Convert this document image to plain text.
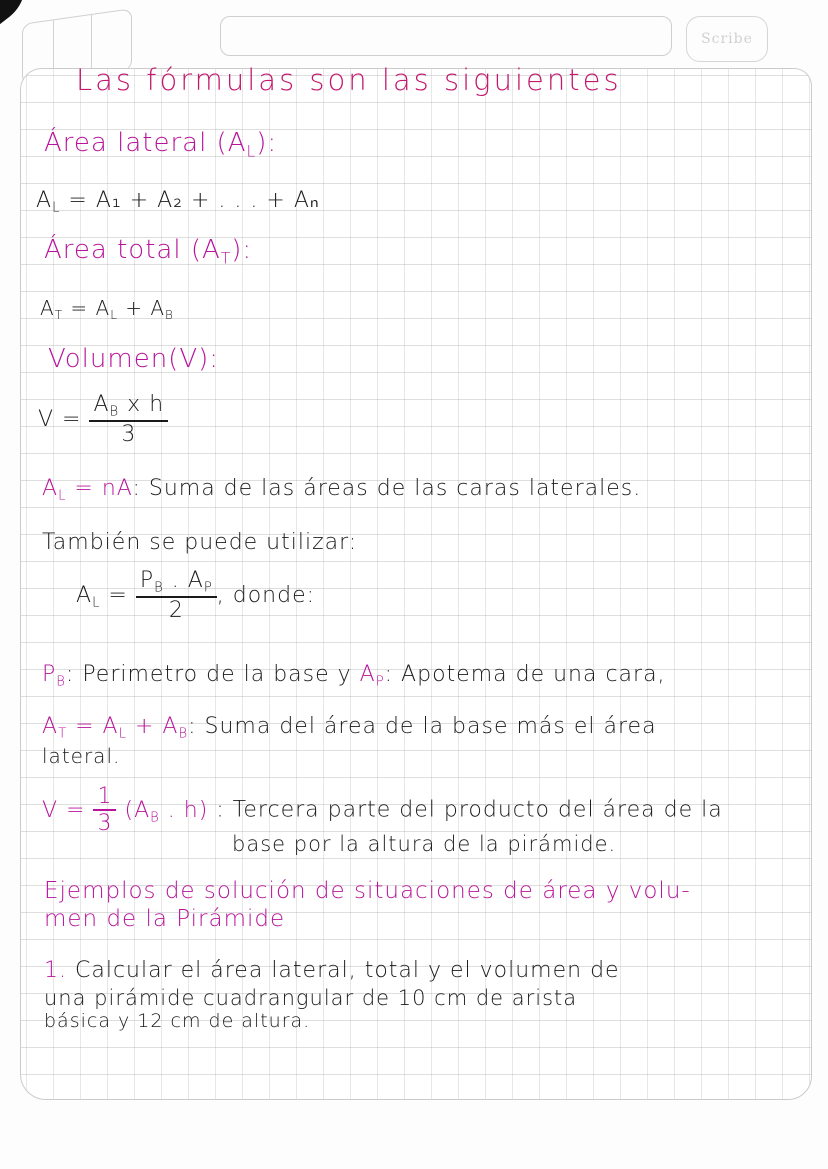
Scribe
Las fórmulas son las siguientes
Área lateral $(A_L)$:
$A_L = A_1 + A_2$ + . . . + Aₙ
Área total $(A_T)$:
$A_T = A_L + A_B$
Volumen(V):
$V = \frac{A_B x h}{3}$
$A_L$ = nA: Suma de las áreas de las caras laterales.
También se puede utilizar:
$A_L = \frac{P_B . A_P}{2}$ , donde:
$P_B$: Perimetro de la base y $A_P$: Apotema de una cara,
$A_T = A_L + A_B$: Suma del área de la base más el área
lateral.
$V = \frac{1}{3} (A_B$ . h) : Tercera parte del producto del área de la
base por la altura de la pirámide.
Ejemplos de solución de situaciones de área y volu-
men de la Pirámide
1. Calcular el área lateral, total y el volumen de
una pirámide cuadrangular de 10 cm de arista
básica y 12 cm de altura.
